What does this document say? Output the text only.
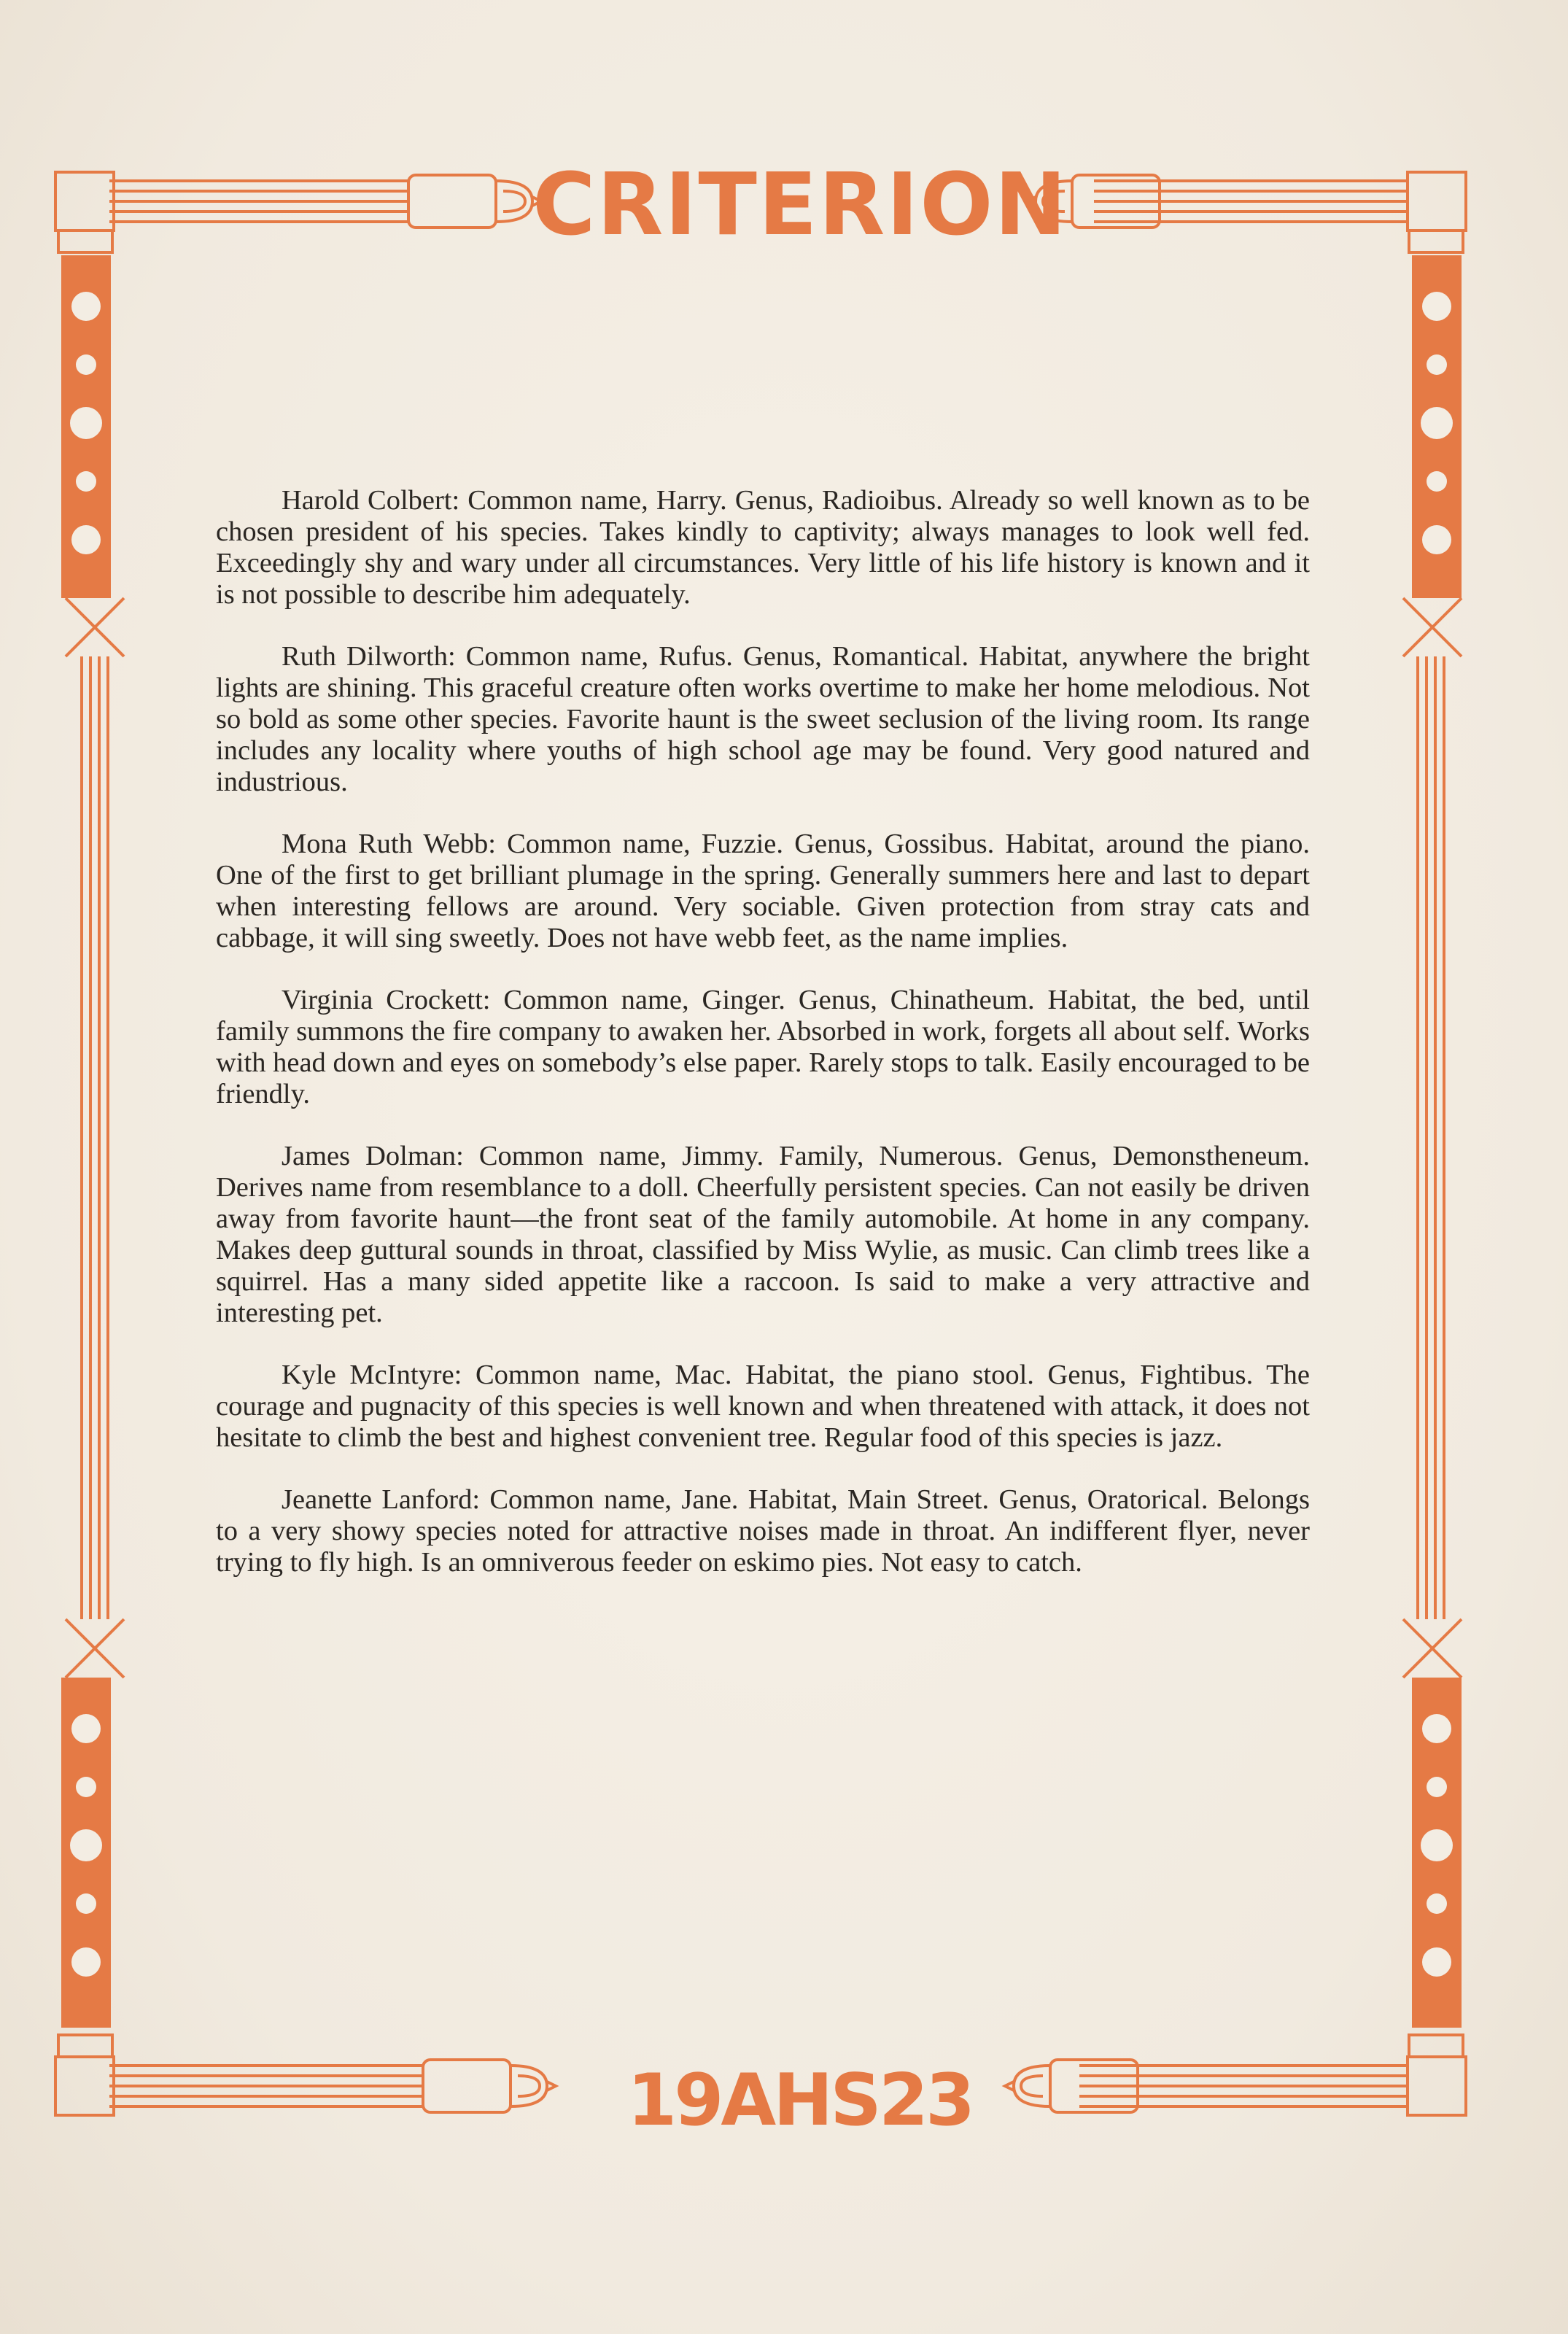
CRITERION

Harold Colbert: Common name, Harry. Genus, Radioibus. Already so well known as to be chosen president of his species. Takes kindly to captivity; always manages to look well fed. Exceedingly shy and wary under all circumstances. Very little of his life history is known and it is not possible to describe him adequately.

Ruth Dilworth: Common name, Rufus. Genus, Romantical. Habitat, anywhere the bright lights are shining. This graceful creature often works overtime to make her home melodious. Not so bold as some other species. Favorite haunt is the sweet seclusion of the living room. Its range includes any locality where youths of high school age may be found. Very good natured and industrious.

Mona Ruth Webb: Common name, Fuzzie. Genus, Gossibus. Habitat, around the piano. One of the first to get brilliant plumage in the spring. Generally summers here and last to depart when interesting fellows are around. Very sociable. Given protection from stray cats and cabbage, it will sing sweetly. Does not have webb feet, as the name implies.

Virginia Crockett: Common name, Ginger. Genus, Chinatheum. Habitat, the bed, until family summons the fire company to awaken her. Absorbed in work, forgets all about self. Works with head down and eyes on somebody’s else paper. Rarely stops to talk. Easily encouraged to be friendly.

James Dolman: Common name, Jimmy. Family, Numerous. Genus, Demonstheneum. Derives name from resemblance to a doll. Cheerfully persistent species. Can not easily be driven away from favorite haunt—the front seat of the family automobile. At home in any company. Makes deep guttural sounds in throat, classified by Miss Wylie, as music. Can climb trees like a squirrel. Has a many sided appetite like a raccoon. Is said to make a very attractive and interesting pet.

Kyle McIntyre: Common name, Mac. Habitat, the piano stool. Genus, Fightibus. The courage and pugnacity of this species is well known and when threatened with attack, it does not hesitate to climb the best and highest convenient tree. Regular food of this species is jazz.

Jeanette Lanford: Common name, Jane. Habitat, Main Street. Genus, Oratorical. Belongs to a very showy species noted for attractive noises made in throat. An indifferent flyer, never trying to fly high. Is an omniverous feeder on eskimo pies. Not easy to catch.

19AHS23
